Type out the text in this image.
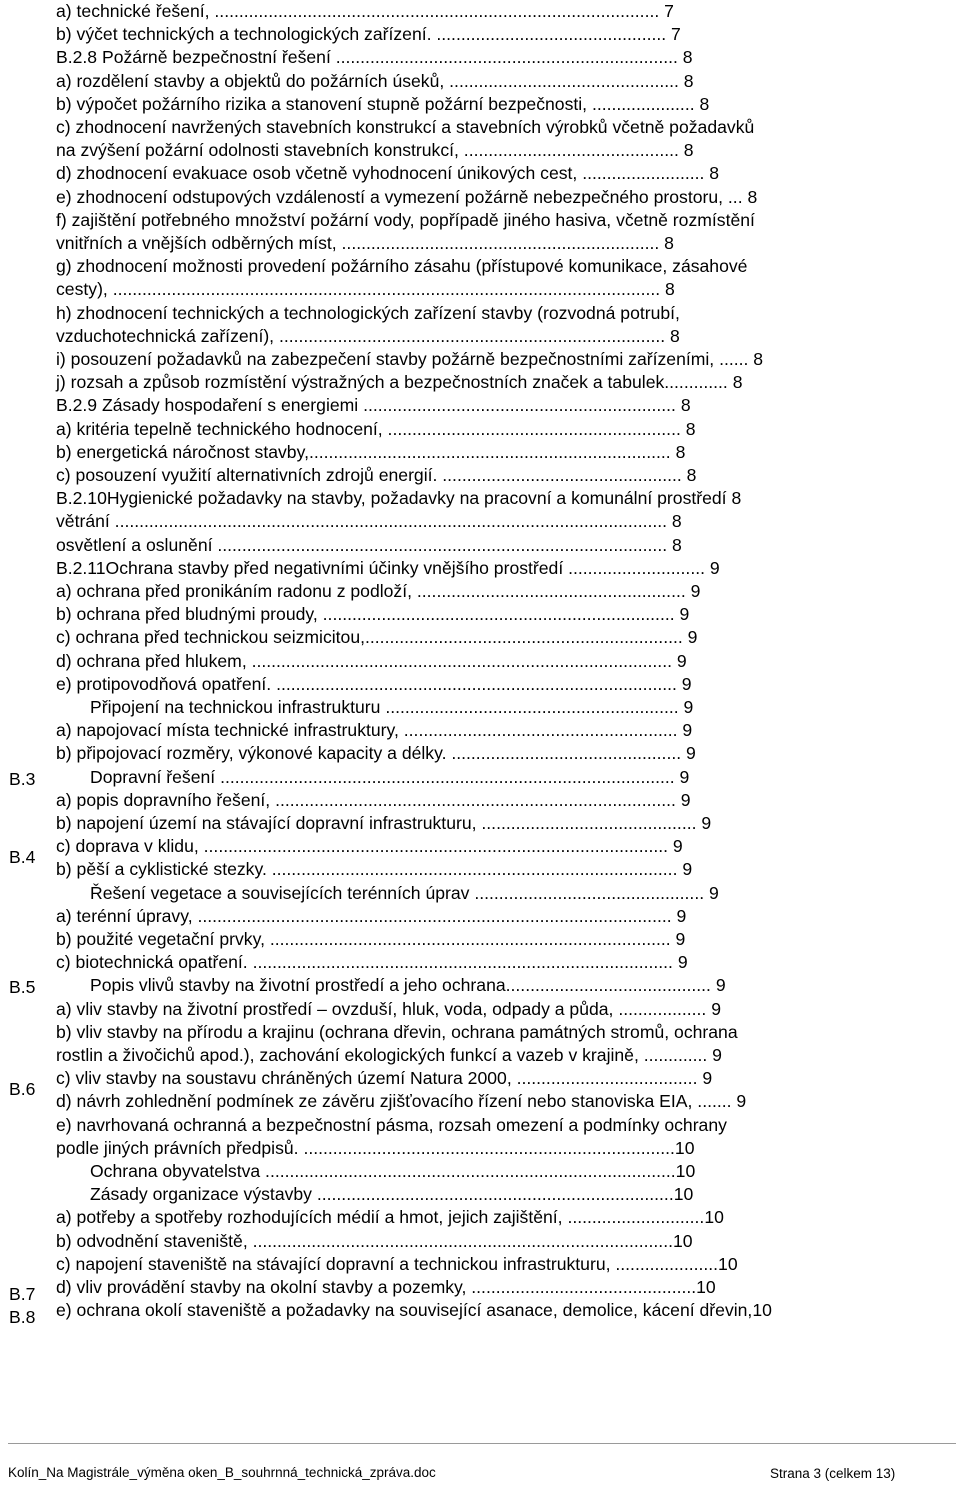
a) technické řešení, ........................................................................................... 7
b) výčet technických a technologických zařízení. ............................................... 7
B.2.8 Požárně bezpečnostní řešení ...................................................................... 8
a) rozdělení stavby a objektů do požárních úseků, ............................................... 8
b) výpočet požárního rizika a stanovení stupně požární bezpečnosti, ..................... 8
c) zhodnocení navržených stavebních konstrukcí a stavebních výrobků včetně požadavků
na zvýšení požární odolnosti stavebních konstrukcí, ............................................ 8
d) zhodnocení evakuace osob včetně vyhodnocení únikových cest, ......................... 8
e) zhodnocení odstupových vzdáleností a vymezení požárně nebezpečného prostoru, ... 8
f) zajištění potřebného množství požární vody, popřípadě jiného hasiva, včetně rozmístění
vnitřních a vnějších odběrných míst, ................................................................. 8
g) zhodnocení možnosti provedení požárního zásahu (přístupové komunikace, zásahové
cesty), ................................................................................................................ 8
h) zhodnocení technických a technologických zařízení stavby (rozvodná potrubí,
vzduchotechnická zařízení), ............................................................................... 8
i) posouzení požadavků na zabezpečení stavby požárně bezpečnostními zařízeními, ...... 8
j) rozsah a způsob rozmístění výstražných a bezpečnostních značek a tabulek............. 8
B.2.9 Zásady hospodaření s energiemi ................................................................ 8
a) kritéria tepelně technického hodnocení, ............................................................ 8
b) energetická náročnost stavby,.......................................................................... 8
c) posouzení využití alternativních zdrojů energií. ................................................. 8
B.2.10Hygienické požadavky na stavby, požadavky na pracovní a komunální prostředí 8
větrání ................................................................................................................. 8
osvětlení a oslunění ............................................................................................ 8
B.2.11Ochrana stavby před negativními účinky vnějšího prostředí ............................ 9
a) ochrana před pronikáním radonu z podloží, ....................................................... 9
b) ochrana před bludnými proudy, ........................................................................ 9
c) ochrana před technickou seizmicitou,................................................................. 9
d) ochrana před hlukem, ...................................................................................... 9
e) protipovodňová opatření. .................................................................................. 9
Připojení na technickou infrastrukturu ............................................................ 9
a) napojovací místa technické infrastruktury, ........................................................ 9
b) připojovací rozměry, výkonové kapacity a délky. ............................................... 9
Dopravní řešení ............................................................................................. 9
a) popis dopravního řešení, .................................................................................. 9
b) napojení území na stávající dopravní infrastrukturu, ............................................ 9
c) doprava v klidu, ............................................................................................... 9
b) pěší a cyklistické stezky. ................................................................................... 9
Řešení vegetace a souvisejících terénních úprav ............................................... 9
a) terénní úpravy, ................................................................................................. 9
b) použité vegetační prvky, .................................................................................. 9
c) biotechnická opatření. ...................................................................................... 9
Popis vlivů stavby na životní prostředí a jeho ochrana.......................................... 9
a) vliv stavby na životní prostředí – ovzduší, hluk, voda, odpady a půda, .................. 9
b) vliv stavby na přírodu a krajinu (ochrana dřevin, ochrana památných stromů, ochrana
rostlin a živočichů apod.), zachování ekologických funkcí a vazeb v krajině, ............. 9
c) vliv stavby na soustavu chráněných území Natura 2000, ..................................... 9
d) návrh zohlednění podmínek ze závěru zjišťovacího řízení nebo stanoviska EIA, ....... 9
e) navrhovaná ochranná a bezpečnostní pásma, rozsah omezení a podmínky ochrany
podle jiných právních předpisů. ............................................................................10
Ochrana obyvatelstva ....................................................................................10
Zásady organizace výstavby .........................................................................10
a) potřeby a spotřeby rozhodujících médií a hmot, jejich zajištění, ............................10
b) odvodnění staveniště, ......................................................................................10
c) napojení staveniště na stávající dopravní a technickou infrastrukturu, .....................10
d) vliv provádění stavby na okolní stavby a pozemky, ..............................................10
e) ochrana okolí staveniště a požadavky na související asanace, demolice, kácení dřevin,10
B.3
B.4
B.5
B.6
B.7
B.8
Kolín_Na Magistrále_výměna oken_B_souhrnná_technická_zpráva.doc	Strana 3 (celkem 13)
